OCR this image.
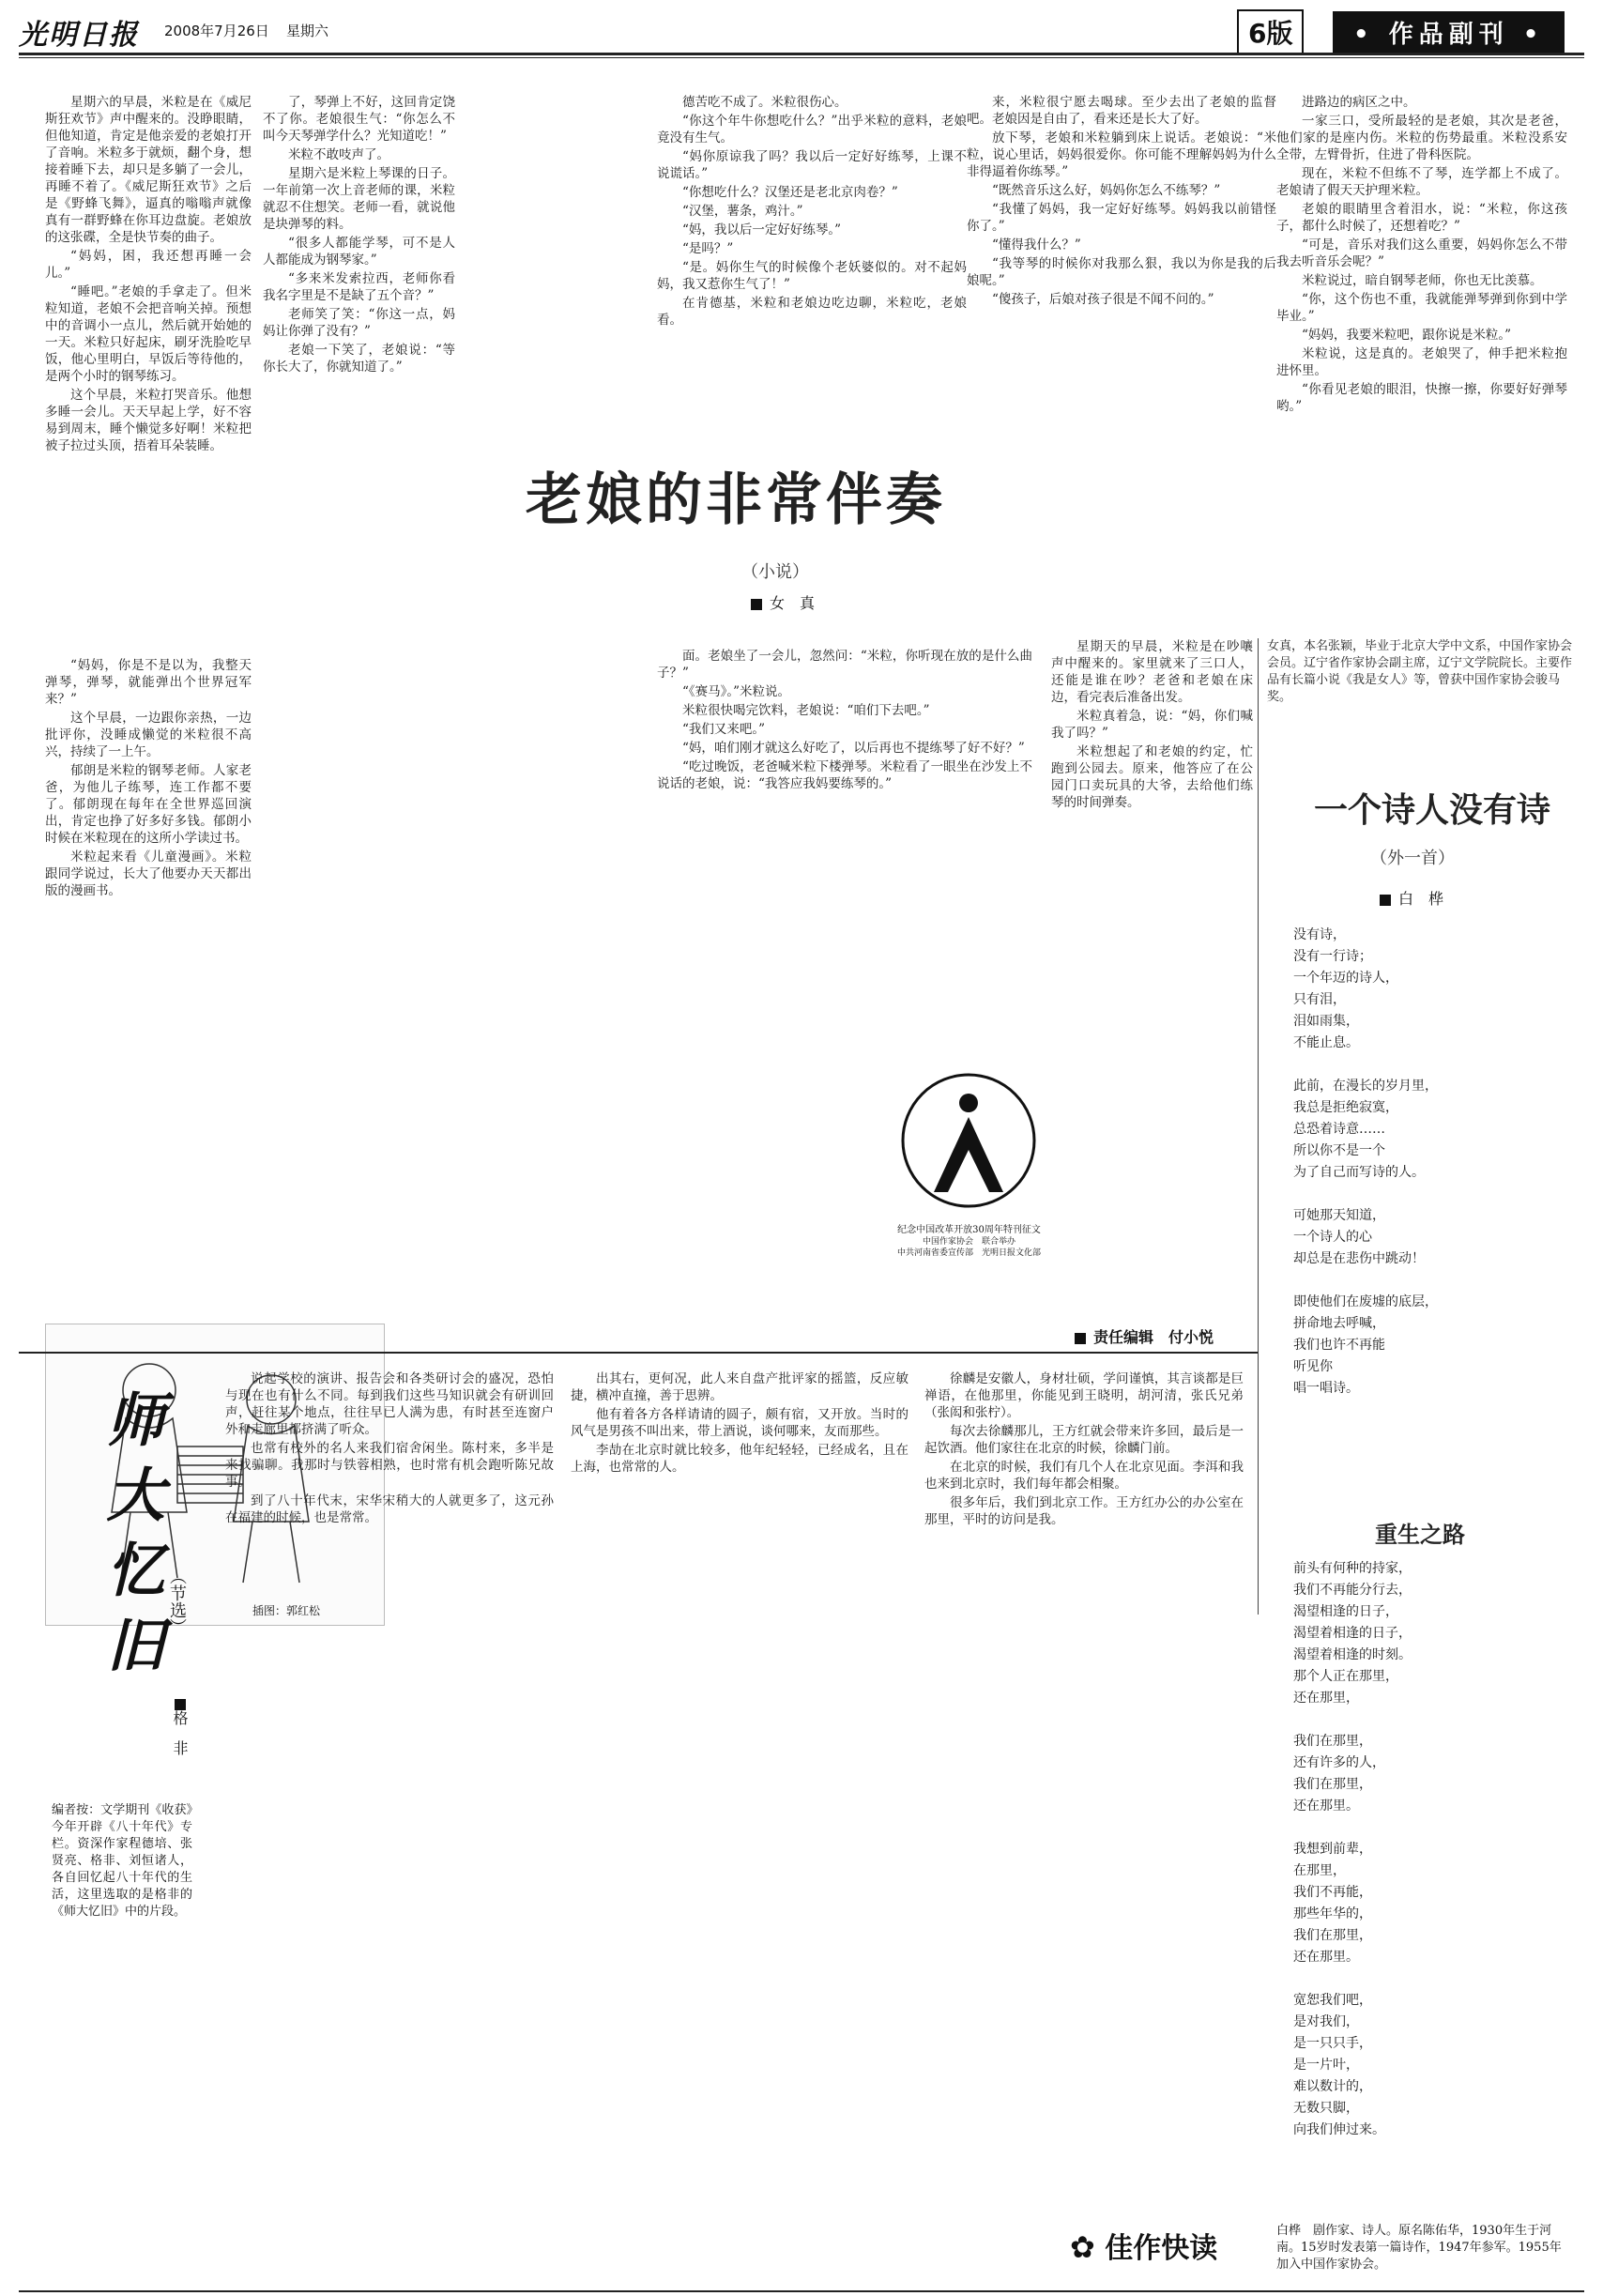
光明日报 2008年7月26日 星期六	6版	• 作品副刊 •

星期六的早晨，米粒是在《威尼斯狂欢节》声中醒来的。没睁眼睛，但他知道，肯定是他亲爱的老娘打开了音响。米粒多于就烦，翻个身，想接着睡下去，却只是多躺了一会儿，再睡不着了。《威尼斯狂欢节》之后是《野蜂飞舞》，逼真的嗡嗡声就像真有一群野蜂在你耳边盘旋。老娘放的这张碟，全是快节奏的曲子。

“妈妈，困，我还想再睡一会儿。”

“睡吧。”老娘的手拿走了。但米粒知道，老娘不会把音响关掉。预想中的音调小一点儿，然后就开始她的一天。米粒只好起床，刷牙洗脸吃早饭，他心里明白，早饭后等待他的，是两个小时的钢琴练习。

这个早晨，米粒打哭音乐。他想多睡一会儿。天天早起上学，好不容易到周末，睡个懒觉多好啊！米粒把被子拉过头顶，捂着耳朵装睡。

“妈妈，你是不是以为，我整天弹琴，弹琴，就能弹出个世界冠军来？”

这个早晨，一边跟你亲热，一边批评你，没睡成懒觉的米粒很不高兴，持续了一上午。

郁朗是米粒的钢琴老师。人家老爸，为他儿子练琴，连工作都不要了。郁朗现在每年在全世界巡回演出，肯定也挣了好多好多钱。郁朗小时候在米粒现在的这所小学读过书。

米粒起来看《儿童漫画》。米粒跟同学说过，长大了他要办天天都出版的漫画书。

了，琴弹上不好，这回肯定饶不了你。老娘很生气：“你怎么不叫今天琴弹学什么？光知道吃！”

米粒不敢吱声了。

星期六是米粒上琴课的日子。一年前第一次上音老师的课，米粒就忍不住想笑。老师一看，就说他是块弹琴的料。

“很多人都能学琴，可不是人人都能成为钢琴家。”

“多来米发索拉西，老师你看我名字里是不是缺了五个音？”

老师笑了笑：“你这一点，妈妈让你弹了没有？”

老娘一下笑了，老娘说：“等你长大了，你就知道了。”

德苦吃不成了。米粒很伤心。

“你这个年牛你想吃什么？”出乎米粒的意料，老娘竟没有生气。

“妈你原谅我了吗？我以后一定好好练琴，上课不说谎话。”

“你想吃什么？汉堡还是老北京肉卷？”

“汉堡，薯条，鸡汁。”

“妈，我以后一定好好练琴。”

“是吗？”

“是。妈你生气的时候像个老妖婆似的。对不起妈妈，我又惹你生气了！”

在肯德基，米粒和老娘边吃边聊，米粒吃，老娘看。

面。老娘坐了一会儿，忽然问：“米粒，你听现在放的是什么曲子？”

“《赛马》。”米粒说。

米粒很快喝完饮料，老娘说：“咱们下去吧。”

“我们又来吧。”

“妈，咱们刚才就这么好吃了，以后再也不提练琴了好不好？”

“吃过晚饭，老爸喊米粒下楼弹琴。米粒看了一眼坐在沙发上不说话的老娘，说：“我答应我妈要练琴的。”

来，米粒很宁愿去喝球。至少去出了老娘的监督吧。老娘因是自由了，看来还是长大了好。

放下琴，老娘和米粒躺到床上说话。老娘说：“米粒，说心里话，妈妈很爱你。你可能不理解妈妈为什么非得逼着你练琴。”

“既然音乐这么好，妈妈你怎么不练琴？”

“我懂了妈妈，我一定好好练琴。妈妈我以前错怪你了。”

“懂得我什么？”

“我等琴的时候你对我那么狠，我以为你是我的后娘呢。”

“傻孩子，后娘对孩子很是不闻不问的。”

星期天的早晨，米粒是在吵嚷声中醒来的。家里就来了三口人，还能是谁在吵？老爸和老娘在床边，看完表后准备出发。

米粒真着急，说：“妈，你们喊我了吗？”

米粒想起了和老娘的约定，忙跑到公园去。原来，他答应了在公园门口卖玩具的大爷，去给他们练琴的时间弹奏。

进路边的病区之中。

一家三口，受所最轻的是老娘，其次是老爸，他们家的是座内伤。米粒的伤势最重。米粒没系安全带，左臂骨折，住进了骨科医院。

现在，米粒不但练不了琴，连学都上不成了。老娘请了假天天护理米粒。

老娘的眼睛里含着泪水，说：“米粒，你这孩子，都什么时候了，还想着吃？”

“可是，音乐对我们这么重要，妈妈你怎么不带我去听音乐会呢？”

米粒说过，暗自钢琴老师，你也无比羡慕。

“你，这个伤也不重，我就能弹琴弹到你到中学毕业。”

“妈妈，我要米粒吧，跟你说是米粒。”

米粒说，这是真的。老娘哭了，伸手把米粒抱进怀里。

“你看见老娘的眼泪，快擦一擦，你要好好弹琴哟。”

老娘的非常伴奏
（小说）
女　真
女真，本名张颖，毕业于北京大学中文系，中国作家协会会员。辽宁省作家协会副主席，辽宁文学院院长。主要作品有长篇小说《我是女人》等，曾获中国作家协会骏马奖。
纪念中国改革开放30周年特刊征文
中国作家协会　联合举办
中共河南省委宣传部　光明日报文化部　
插图：郭红松
一个诗人没有诗
（外一首）
白　桦
没有诗，
没有一行诗；
一个年迈的诗人，
只有泪，
泪如雨集，
不能止息。

此前，在漫长的岁月里，
我总是拒绝寂寞，
总恐着诗意……
所以你不是一个
为了自己而写诗的人。

可她那天知道，
一个诗人的心
却总是在悲伤中跳动！

即使他们在废墟的底层，
拼命地去呼喊，
我们也许不再能
听见你
唱一唱诗。
重生之路
前头有何种的持家，
我们不再能分行去，
渴望相逢的日子，
渴望着相逢的日子，
渴望着相逢的时刻。
那个人正在那里，
还在那里，

我们在那里，
还有许多的人，
我们在那里，
还在那里。

我想到前辈，
在那里，
我们不再能，
那些年华的，
我们在那里，
还在那里。

宽恕我们吧，
是对我们，
是一只只手，
是一片叶，
难以数计的，
无数只脚，
向我们伸过来。
责任编辑　付小悦
师大忆旧 （节选）
格　非
编者按：文学期刊《收获》今年开辟《八十年代》专栏。资深作家程德培、张贤亮、格非、刘恒诸人，各自回忆起八十年代的生活，这里选取的是格非的《师大忆旧》中的片段。

说起学校的演讲、报告会和各类研讨会的盛况，恐怕与现在也有什么不同。每到我们这些马知识就会有研训回声，赶往某个地点，往往早已人满为患，有时甚至连窗户外和走廊里都挤满了听众。

也常有校外的名人来我们宿舍闲坐。陈村来，多半是来找骗聊。我那时与铁蓉相熟，也时常有机会跑听陈兄故事。

到了八十年代末，宋华宋稍大的人就更多了，这元孙在福建的时候，也是常常。

出其右，更何况，此人来自盘产批评家的摇篮，反应敏捷，横冲直撞，善于思辨。

他有着各方各样请请的圆子，颇有宿，又开放。当时的风气是男孩不叫出来，带上酒说，谈何哪来，友而那些。

李劼在北京时就比较多，他年纪轻轻，已经成名，且在上海，也常常的人。

徐麟是安徽人，身材壮硕，学问谨慎，其言谈都是巨禅语，在他那里，你能见到王晓明，胡河清，张氏兄弟（张闳和张柠）。

每次去徐麟那儿，王方红就会带来许多回，最后是一起饮酒。他们家往在北京的时候，徐麟门前。

在北京的时候，我们有几个人在北京见面。李洱和我也来到北京时，我们每年都会相聚。

很多年后，我们到北京工作。王方红办公的办公室在那里，平时的访问是我。

✿ 佳作快读
白桦　剧作家、诗人。原名陈佑华，1930年生于河南。15岁时发表第一篇诗作，1947年参军。1955年加入中国作家协会。
